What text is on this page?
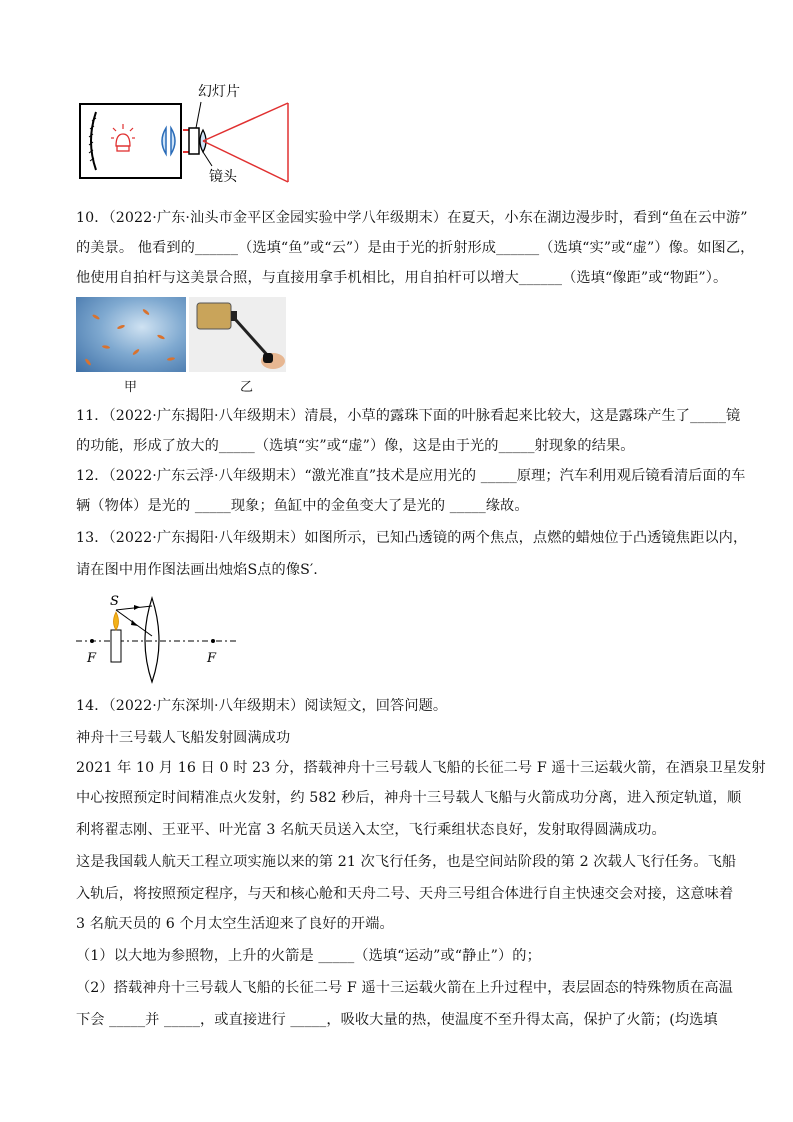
幻灯片
镜头
10．（2022·广东·汕头市金平区金园实验中学八年级期末）在夏天，小东在湖边漫步时，看到“鱼在云中游”
的美景。 他看到的______（选填“鱼”或“云”）是由于光的折射形成______（选填“实”或“虚”）像。如图乙，
他使用自拍杆与这美景合照，与直接用拿手机相比，用自拍杆可以增大______（选填“像距”或“物距”）。
甲	乙
11．（2022·广东揭阳·八年级期末）清晨，小草的露珠下面的叶脉看起来比较大，这是露珠产生了_____镜
的功能，形成了放大的_____（选填“实”或“虚”）像，这是由于光的_____射现象的结果。
12．（2022·广东云浮·八年级期末）“激光准直”技术是应用光的 _____原理；汽车利用观后镜看清后面的车
辆（物体）是光的 _____现象；鱼缸中的金鱼变大了是光的 _____缘故。
13．（2022·广东揭阳·八年级期末）如图所示，已知凸透镜的两个焦点，点燃的蜡烛位于凸透镜焦距以内，
请在图中用作图法画出烛焰S点的像S′.
F	F
S
14．（2022·广东深圳·八年级期末）阅读短文，回答问题。
神舟十三号载人飞船发射圆满成功
2021 年 10 月 16 日 0 时 23 分，搭载神舟十三号载人飞船的长征二号 F 遥十三运载火箭，在酒泉卫星发射
中心按照预定时间精准点火发射，约 582 秒后，神舟十三号载人飞船与火箭成功分离，进入预定轨道，顺
利将翟志刚、王亚平、叶光富 3 名航天员送入太空，飞行乘组状态良好，发射取得圆满成功。
这是我国载人航天工程立项实施以来的第 21 次飞行任务，也是空间站阶段的第 2 次载人飞行任务。飞船
入轨后，将按照预定程序，与天和核心舱和天舟二号、天舟三号组合体进行自主快速交会对接，这意味着
3 名航天员的 6 个月太空生活迎来了良好的开端。
（1）以大地为参照物，上升的火箭是 _____（选填“运动”或“静止”）的；
（2）搭载神舟十三号载人飞船的长征二号 F 遥十三运载火箭在上升过程中，表层固态的特殊物质在高温
下会 _____并 _____，或直接进行 _____，吸收大量的热，使温度不至升得太高，保护了火箭；(均选填
